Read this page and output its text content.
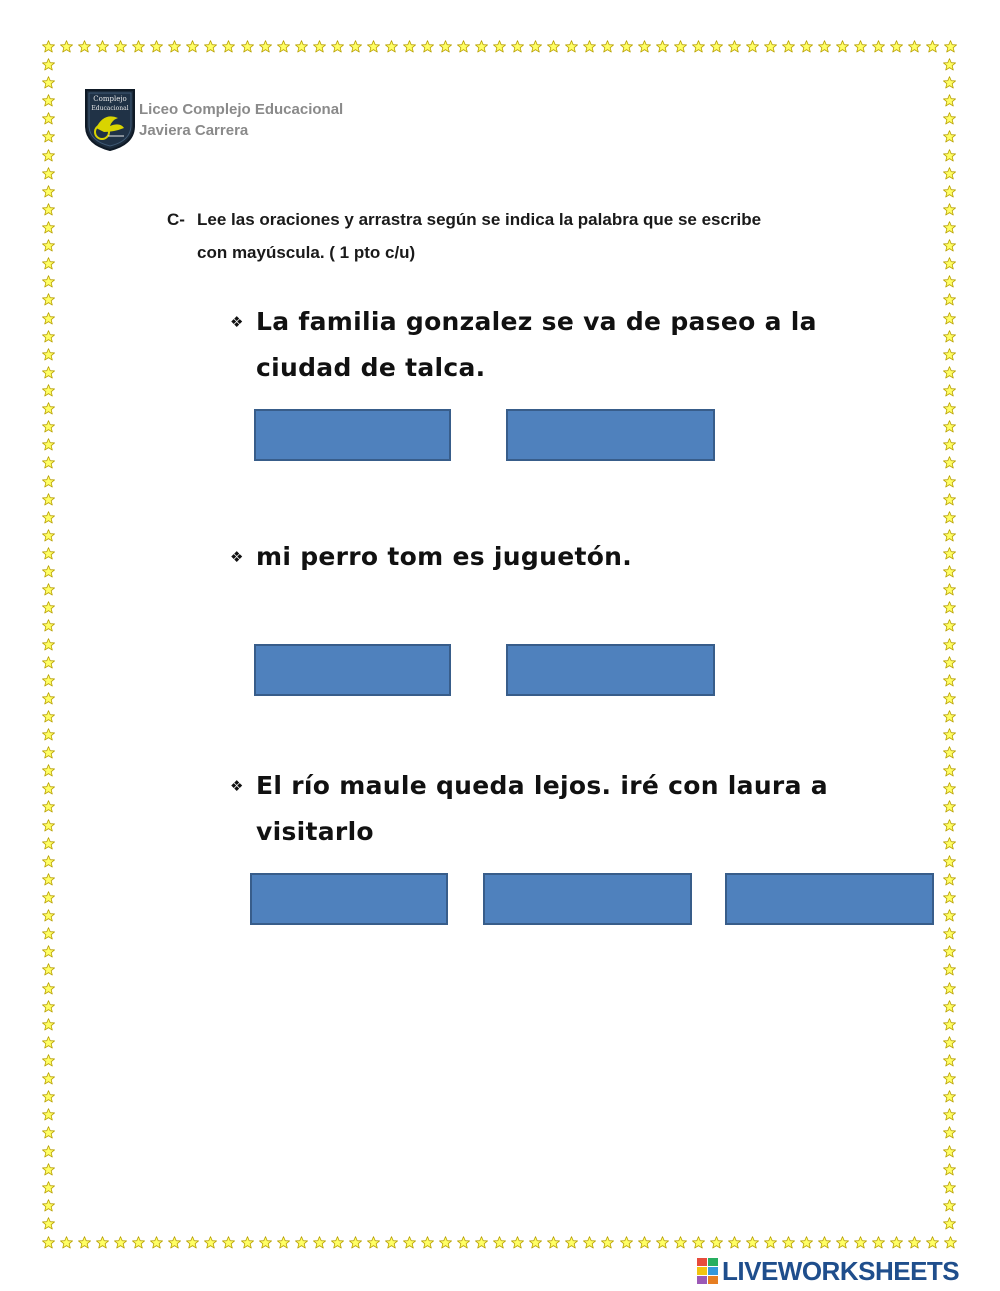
Complejo
Educacional Liceo Complejo Educacional
Javiera Carrera
C- Lee las oraciones y arrastra según se indica la palabra que se escribe
con mayúscula. ( 1 pto c/u)
❖ La familia gonzalez se va de paseo a la
ciudad de talca.
❖ mi perro tom es juguetón.
❖ El río maule queda lejos. iré con laura a
visitarlo
LIVEWORKSHEETS
